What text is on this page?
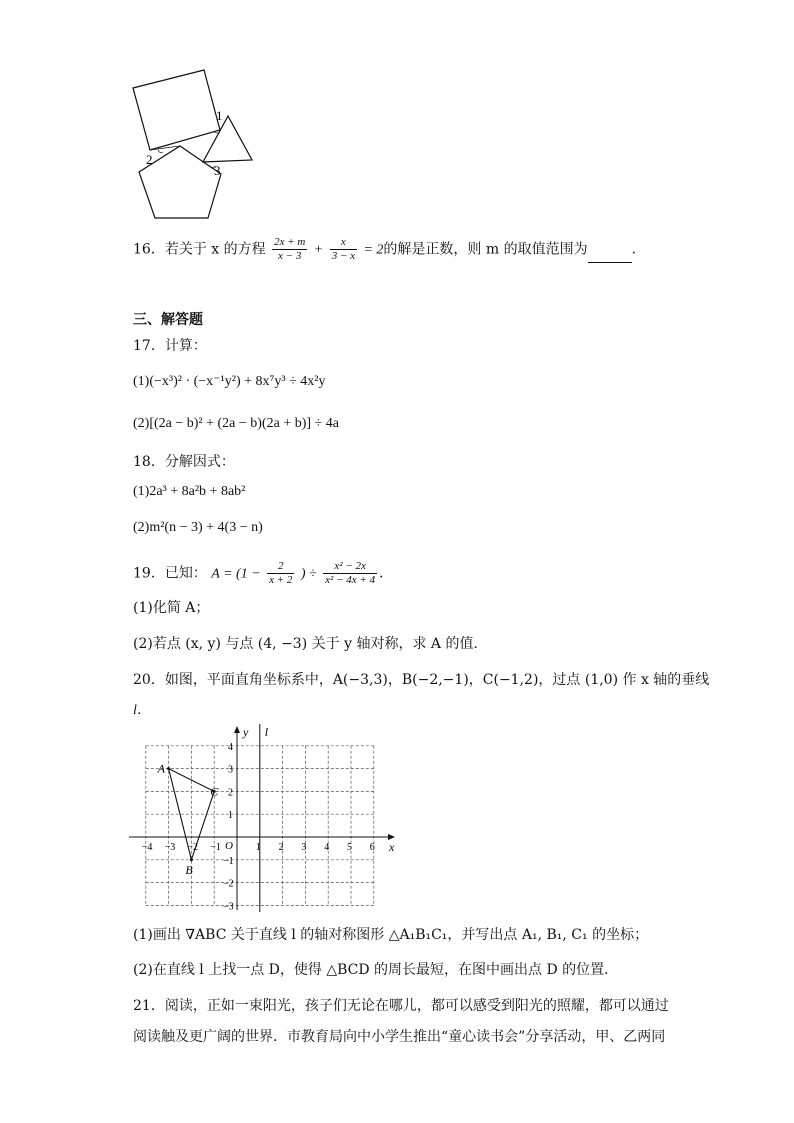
1
2
3
16．若关于 x 的方程 $\frac{2x + m}{x - 3} + \frac{x}{3 - x} = 2$的解是正数，则 m 的取值范围为	．
三、解答题
17．计算：
(1)(−x³)² · (−x⁻¹y²) + 8x⁷y³ ÷ 4x²y
(2)[(2a − b)² + (2a − b)(2a + b)] ÷ 4a
18．分解因式：
(1)2a³ + 8a²b + 8ab²
(2)m²(n − 3) + 4(3 − n)
19．已知： $A = (1 - \frac{2}{x + 2}$ ) ÷ $\frac{\text{x² − 2x}}{\text{x² − 4x + 4}}$ ．
(1)化简 A；
(2)若点 (x, y) 与点 (4, −3) 关于 y 轴对称，求 A 的值．
20．如图，平面直角坐标系中，A(−3,3)，B(−2,−1)，C(−1,2)，过点 (1,0) 作 x 轴的垂线
l．
x
y l
O
−4 −3 −2 −1	1 2 3 4 5 6
4
3
2
1
−1
−2
−3
A
B
C
(1)画出 ∇ABC 关于直线 l 的轴对称图形 △A₁B₁C₁，并写出点 A₁, B₁, C₁ 的坐标；
(2)在直线 l 上找一点 D，使得 △BCD 的周长最短，在图中画出点 D 的位置．
21．阅读，正如一束阳光，孩子们无论在哪儿，都可以感受到阳光的照耀，都可以通过
阅读触及更广阔的世界．市教育局向中小学生推出“童心读书会”分享活动，甲、乙两同
